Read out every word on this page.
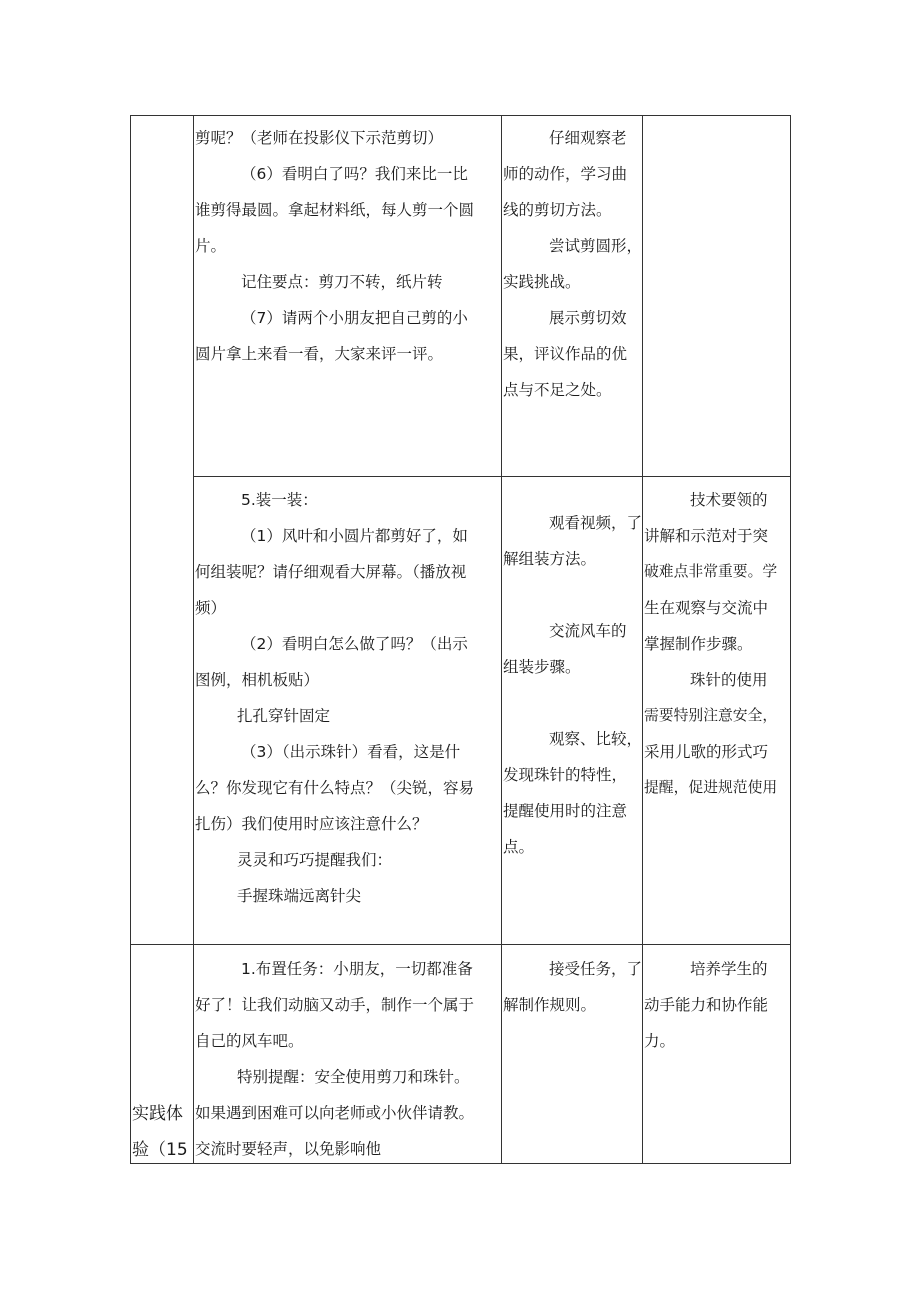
剪呢？（老师在投影仪下示范剪切）

（6）看明白了吗？我们来比一比

谁剪得最圆。拿起材料纸，每人剪一个圆

片。

记住要点：剪刀不转，纸片转

（7）请两个小朋友把自己剪的小

圆片拿上来看一看，大家来评一评。

仔细观察老

师的动作，学习曲

线的剪切方法。

尝试剪圆形，

实践挑战。

展示剪切效

果，评议作品的优

点与不足之处。

5.装一装：

（1）风叶和小圆片都剪好了，如

何组装呢？请仔细观看大屏幕。（播放视

频）

（2）看明白怎么做了吗？（出示

图例，相机板贴）

扎孔穿针固定

（3）（出示珠针）看看，这是什

么？你发现它有什么特点？（尖锐，容易

扎伤）我们使用时应该注意什么？

灵灵和巧巧提醒我们：

手握珠端远离针尖

观看视频，了

解组装方法。

交流风车的

组装步骤。

观察、比较，

发现珠针的特性，

提醒使用时的注意

点。

技术要领的

讲解和示范对于突

破难点非常重要。学

生在观察与交流中

掌握制作步骤。

珠针的使用

需要特别注意安全，

采用儿歌的形式巧

提醒，促进规范使用

实践体

验（15

1.布置任务：小朋友，一切都准备

好了！让我们动脑又动手，制作一个属于

自己的风车吧。

特别提醒：安全使用剪刀和珠针。

如果遇到困难可以向老师或小伙伴请教。

交流时要轻声，以免影响他

接受任务，了

解制作规则。

培养学生的

动手能力和协作能

力。
